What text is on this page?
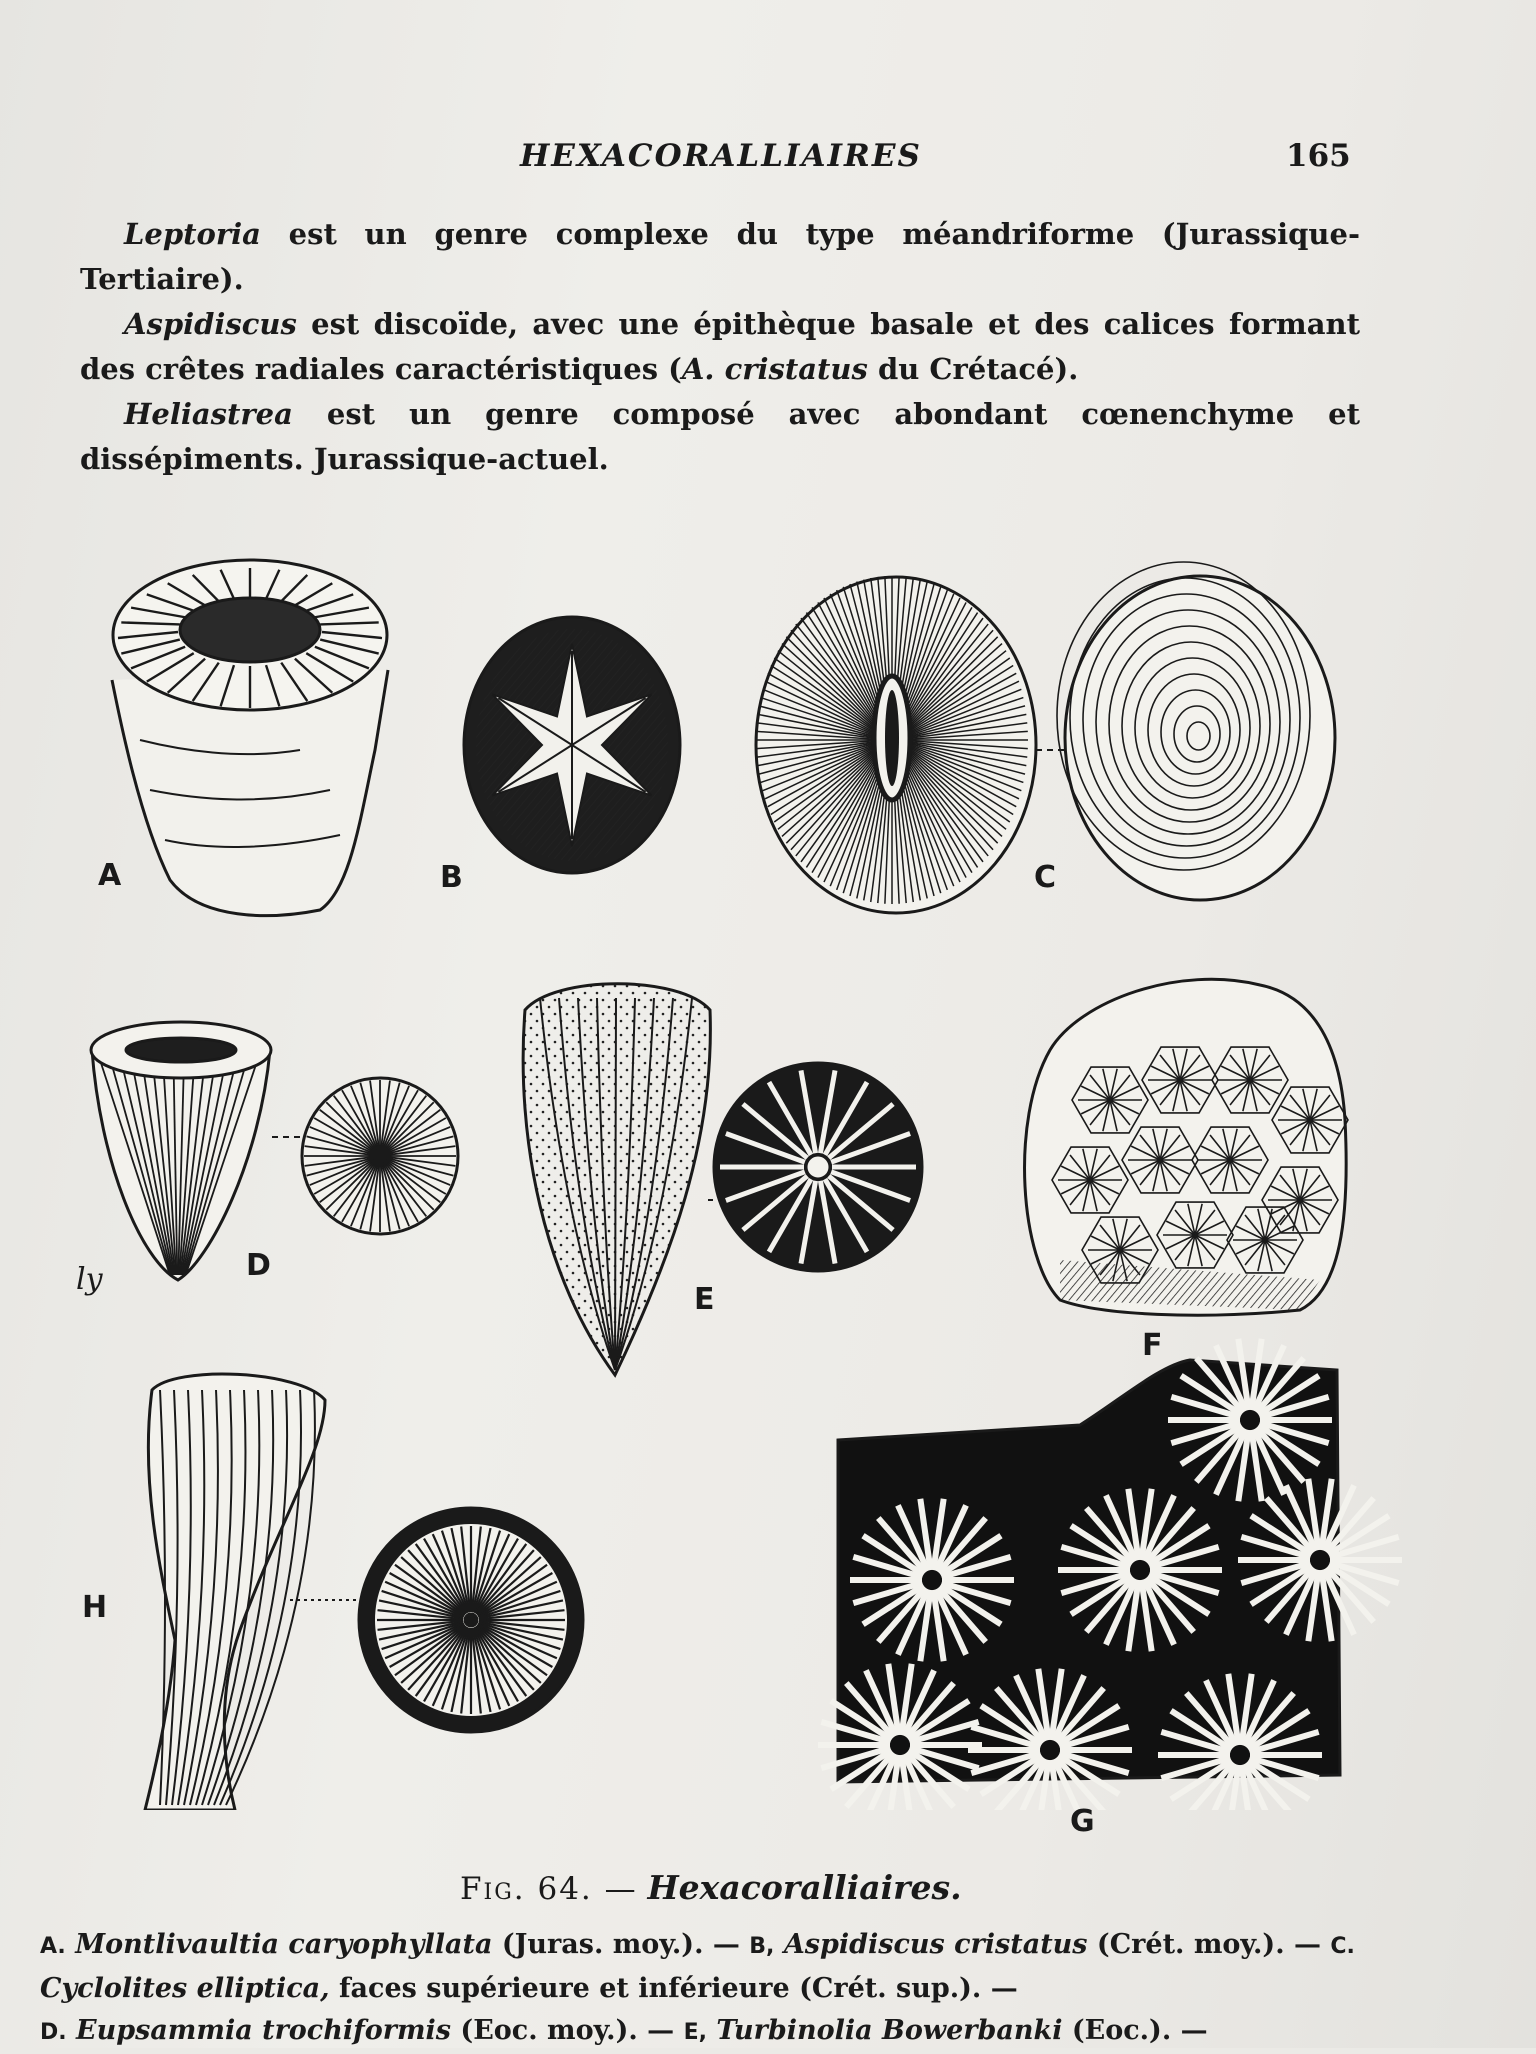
HEXACORALLIAIRES	165

Leptoria est un genre complexe du type méandriforme (Jurassique-Tertiaire).

Aspidiscus est discoïde, avec une épithèque basale et des calices formant des crêtes radiales caractéristiques (A. cristatus du Crétacé).

Heliastrea est un genre composé avec abondant cœnenchyme et dissépiments. Jurassique-actuel.

A	B	C
D
E
F
G
H
ly
Fig. 64. — Hexacoralliaires.
A. Montlivaultia caryophyllata (Juras. moy.). — B, Aspidiscus cristatus (Crét. moy.). — C. Cyclolites elliptica, faces supérieure et inférieure (Crét. sup.). —
D. Eupsammia trochiformis (Eoc. moy.). — E, Turbinolia Bowerbanki (Eoc.). —
